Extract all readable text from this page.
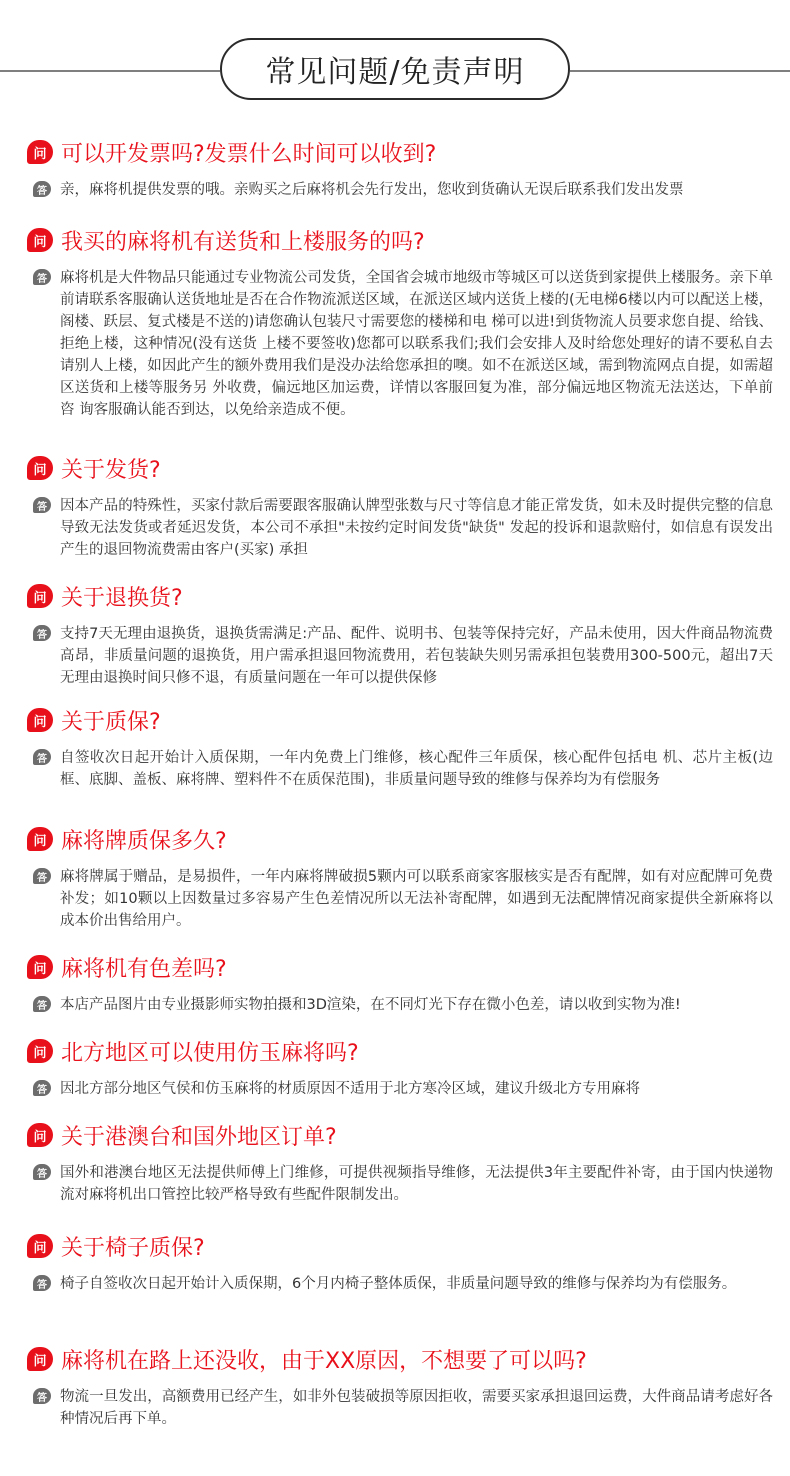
常见问题/免责声明
问 可以开发票吗?发票什么时间可以收到?
答 亲，麻将机提供发票的哦。亲购买之后麻将机会先行发出，您收到货确认无误后联系我们发出发票
问 我买的麻将机有送货和上楼服务的吗?
答 麻将机是大件物品只能通过专业物流公司发货，全国省会城市地级市等城区可以送货到家提供上楼服务。亲下单前请联系客服确认送货地址是否在合作物流派送区域，在派送区域内送货上楼的(无电梯6楼以内可以配送上楼，阁楼、跃层、复式楼是不送的)请您确认包装尺寸需要您的楼梯和电 梯可以进!到货物流人员要求您自提、给钱、拒绝上楼，这种情况(没有送货 上楼不要签收)您都可以联系我们;我们会安排人及时给您处理好的请不要私自去请别人上楼，如因此产生的额外费用我们是没办法给您承担的噢。如不在派送区域，需到物流网点自提，如需超区送货和上楼等服务另 外收费，偏远地区加运费，详情以客服回复为准，部分偏远地区物流无法送达，下单前咨 询客服确认能否到达，以免给亲造成不便。
问 关于发货?
答 因本产品的特殊性，买家付款后需要跟客服确认牌型张数与尺寸等信息才能正常发货，如未及时提供完整的信息导致无法发货或者延迟发货，本公司不承担"未按约定时间发货"缺货" 发起的投诉和退款赔付，如信息有误发出产生的退回物流费需由客户(买家) 承担
问 关于退换货?
答 支持7天无理由退换货，退换货需满足:产品、配件、说明书、包装等保持完好，产品未使用，因大件商品物流费高昂，非质量问题的退换货，用户需承担退回物流费用，若包装缺失则另需承担包装费用300-500元，超出7天无理由退换时间只修不退，有质量问题在一年可以提供保修
问 关于质保?
答 自签收次日起开始计入质保期，一年内免费上门维修，核心配件三年质保，核心配件包括电 机、芯片主板(边框、底脚、盖板、麻将牌、塑料件不在质保范围)，非质量问题导致的维修与保养均为有偿服务
问 麻将牌质保多久?
答 麻将牌属于赠品，是易损件，一年内麻将牌破损5颗内可以联系商家客服核实是否有配牌，如有对应配牌可免费补发；如10颗以上因数量过多容易产生色差情况所以无法补寄配牌，如遇到无法配牌情况商家提供全新麻将以成本价出售给用户。
问 麻将机有色差吗?
答 本店产品图片由专业摄影师实物拍摄和3D渲染，在不同灯光下存在微小色差，请以收到实物为准!
问 北方地区可以使用仿玉麻将吗?
答 因北方部分地区气侯和仿玉麻将的材质原因不适用于北方寒冷区域，建议升级北方专用麻将
问 关于港澳台和国外地区订单?
答 国外和港澳台地区无法提供师傅上门维修，可提供视频指导维修，无法提供3年主要配件补寄，由于国内快递物流对麻将机出口管控比较严格导致有些配件限制发出。
问 关于椅子质保?
答 椅子自签收次日起开始计入质保期，6个月内椅子整体质保，非质量问题导致的维修与保养均为有偿服务。
问 麻将机在路上还没收，由于XX原因，不想要了可以吗?
答 物流一旦发出，高额费用已经产生，如非外包装破损等原因拒收，需要买家承担退回运费，大件商品请考虑好各种情况后再下单。
